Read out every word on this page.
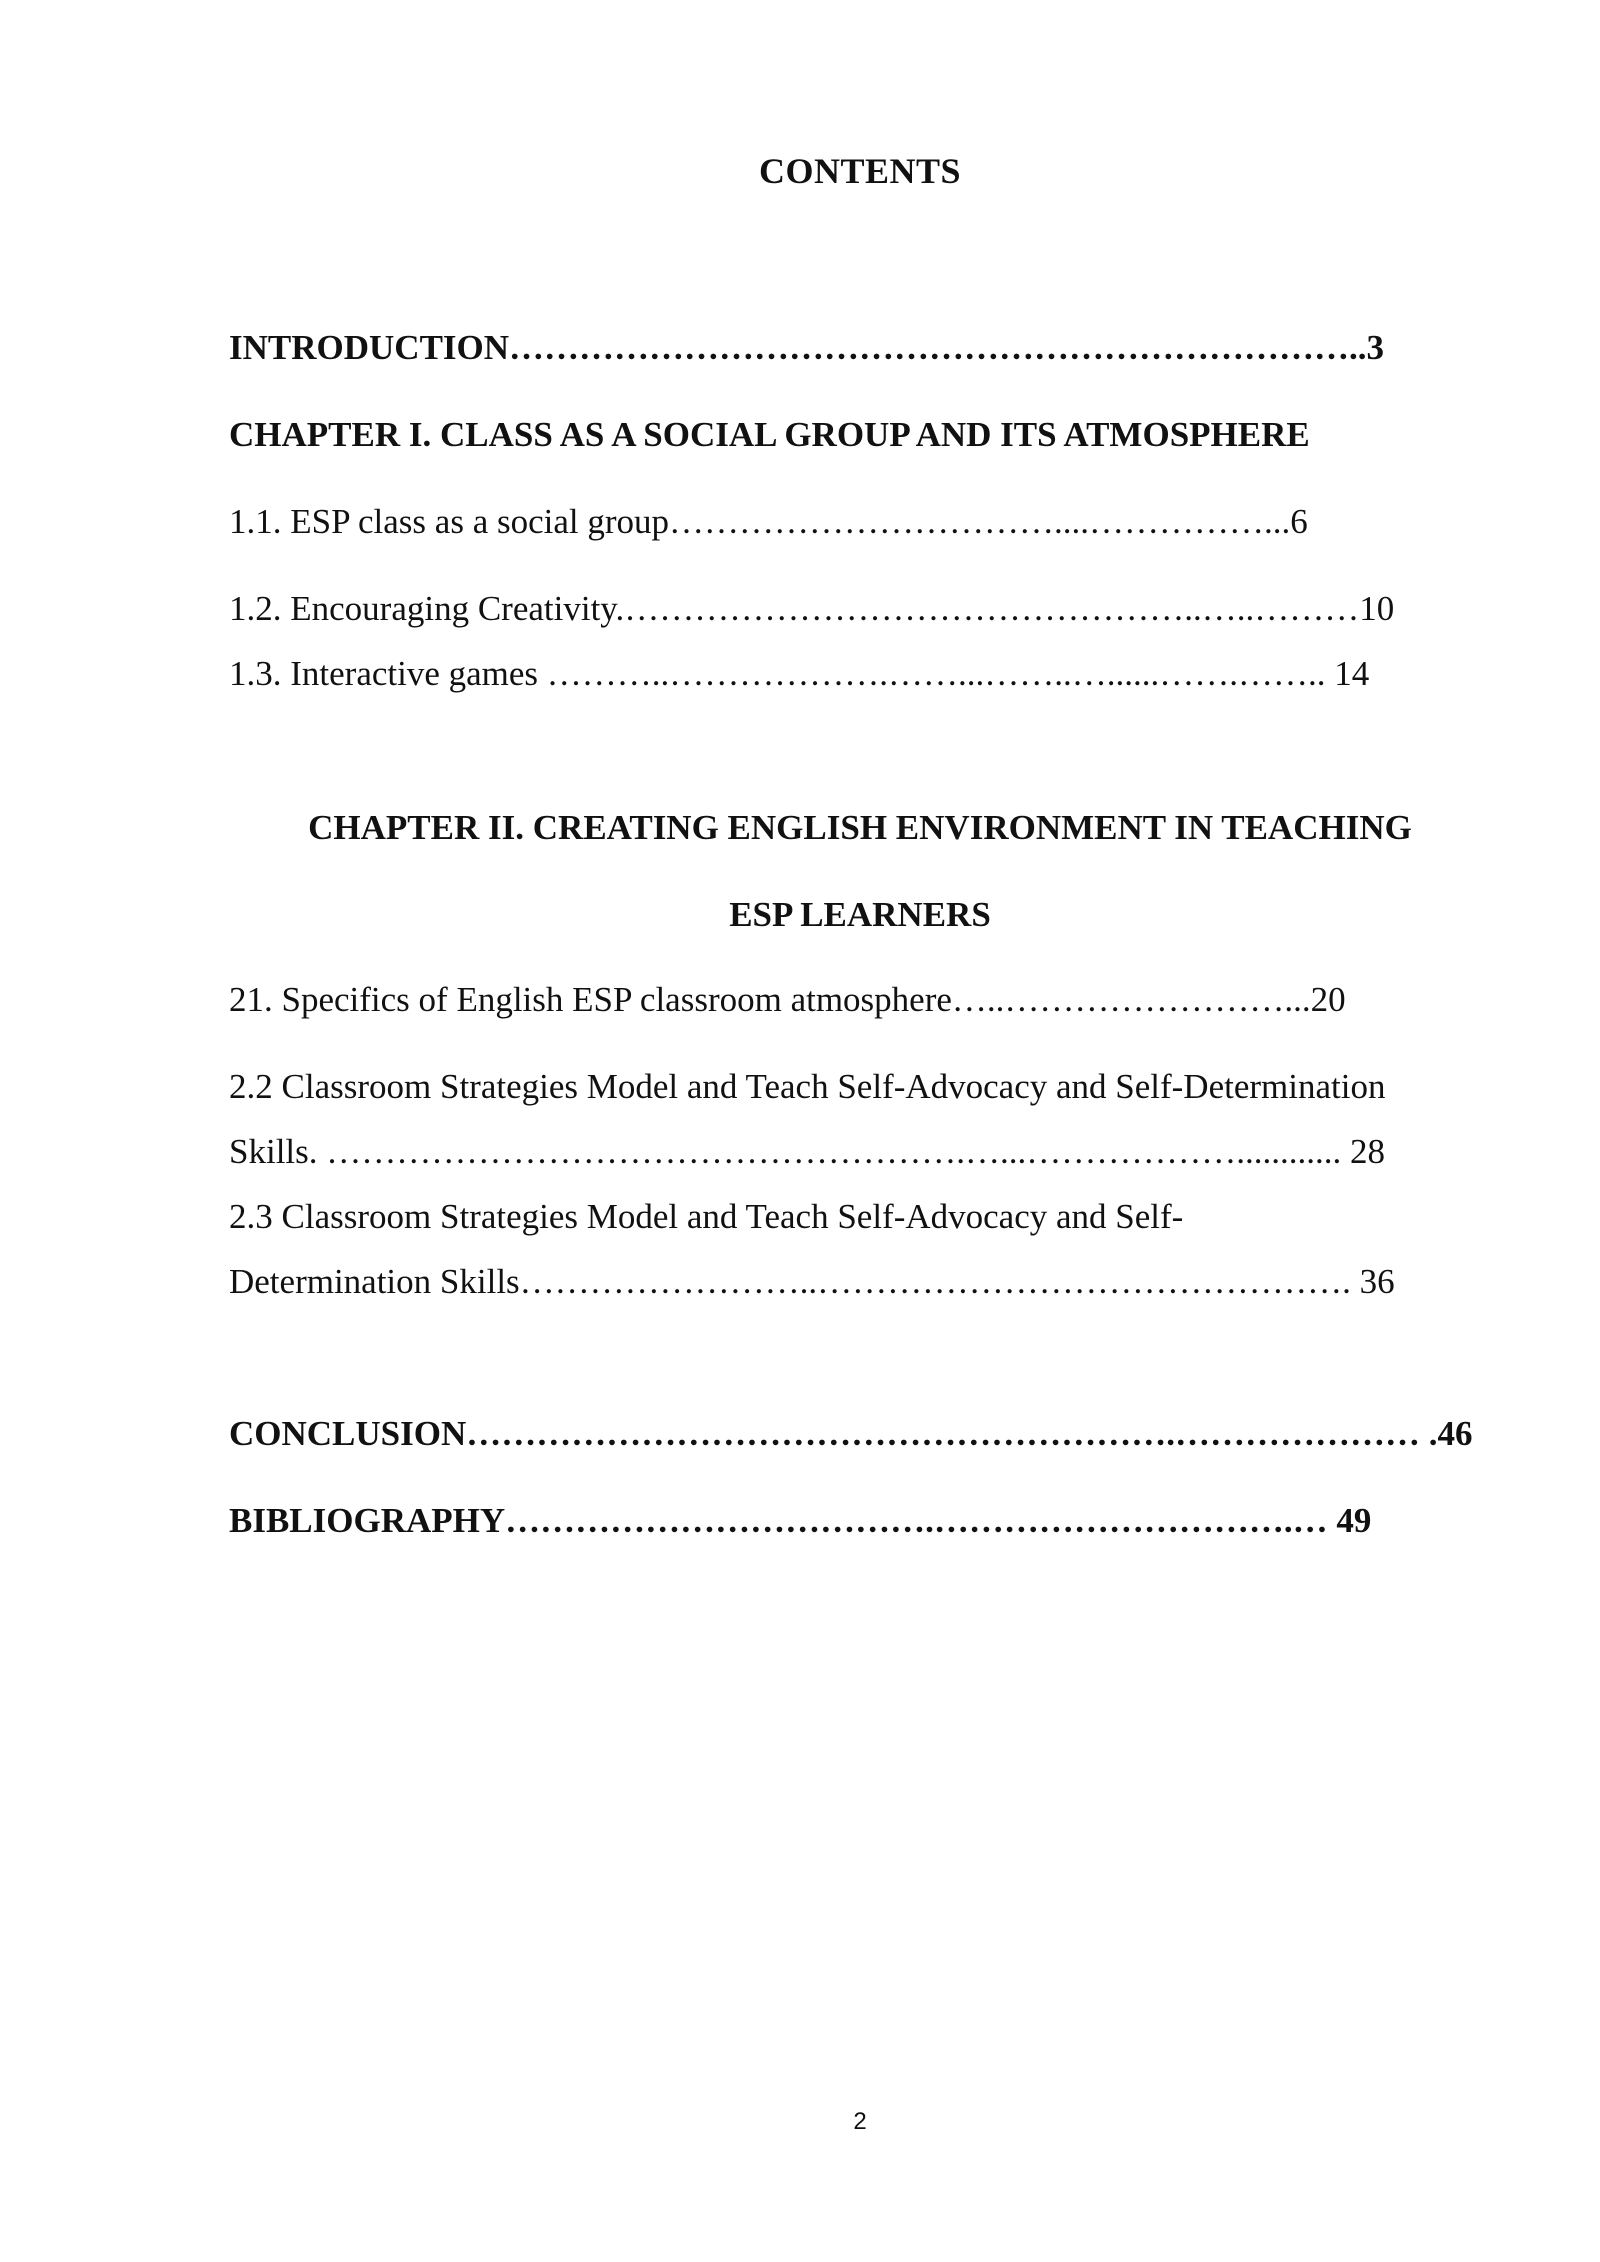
CONTENTS
INTRODUCTION………………………………………………………………..3
CHAPTER I. CLASS AS A SOCIAL GROUP AND ITS ATMOSPHERE
1.1. ESP class as a social group……………………………....……………...6
1.2. Encouraging Creativity.…………………………………………..…..………10
1.3. Interactive games ………..……………….……...……..…......…….…….. 14
CHAPTER II. CREATING ENGLISH ENVIRONMENT IN TEACHING
ESP LEARNERS
21. Specifics of English ESP classroom atmosphere…..……………………...20
2.2 Classroom Strategies Model and Teach Self-Advocacy and Self-Determination
Skills. ……………………………………………….…...………………............ 28
2.3 Classroom Strategies Model and Teach Self-Advocacy and Self-
Determination Skills……………………..………………………………………. 36
CONCLUSION…………………………………………………….………………… .46
BIBLIOGRAPHY……………………………….………………………….… 49
2
